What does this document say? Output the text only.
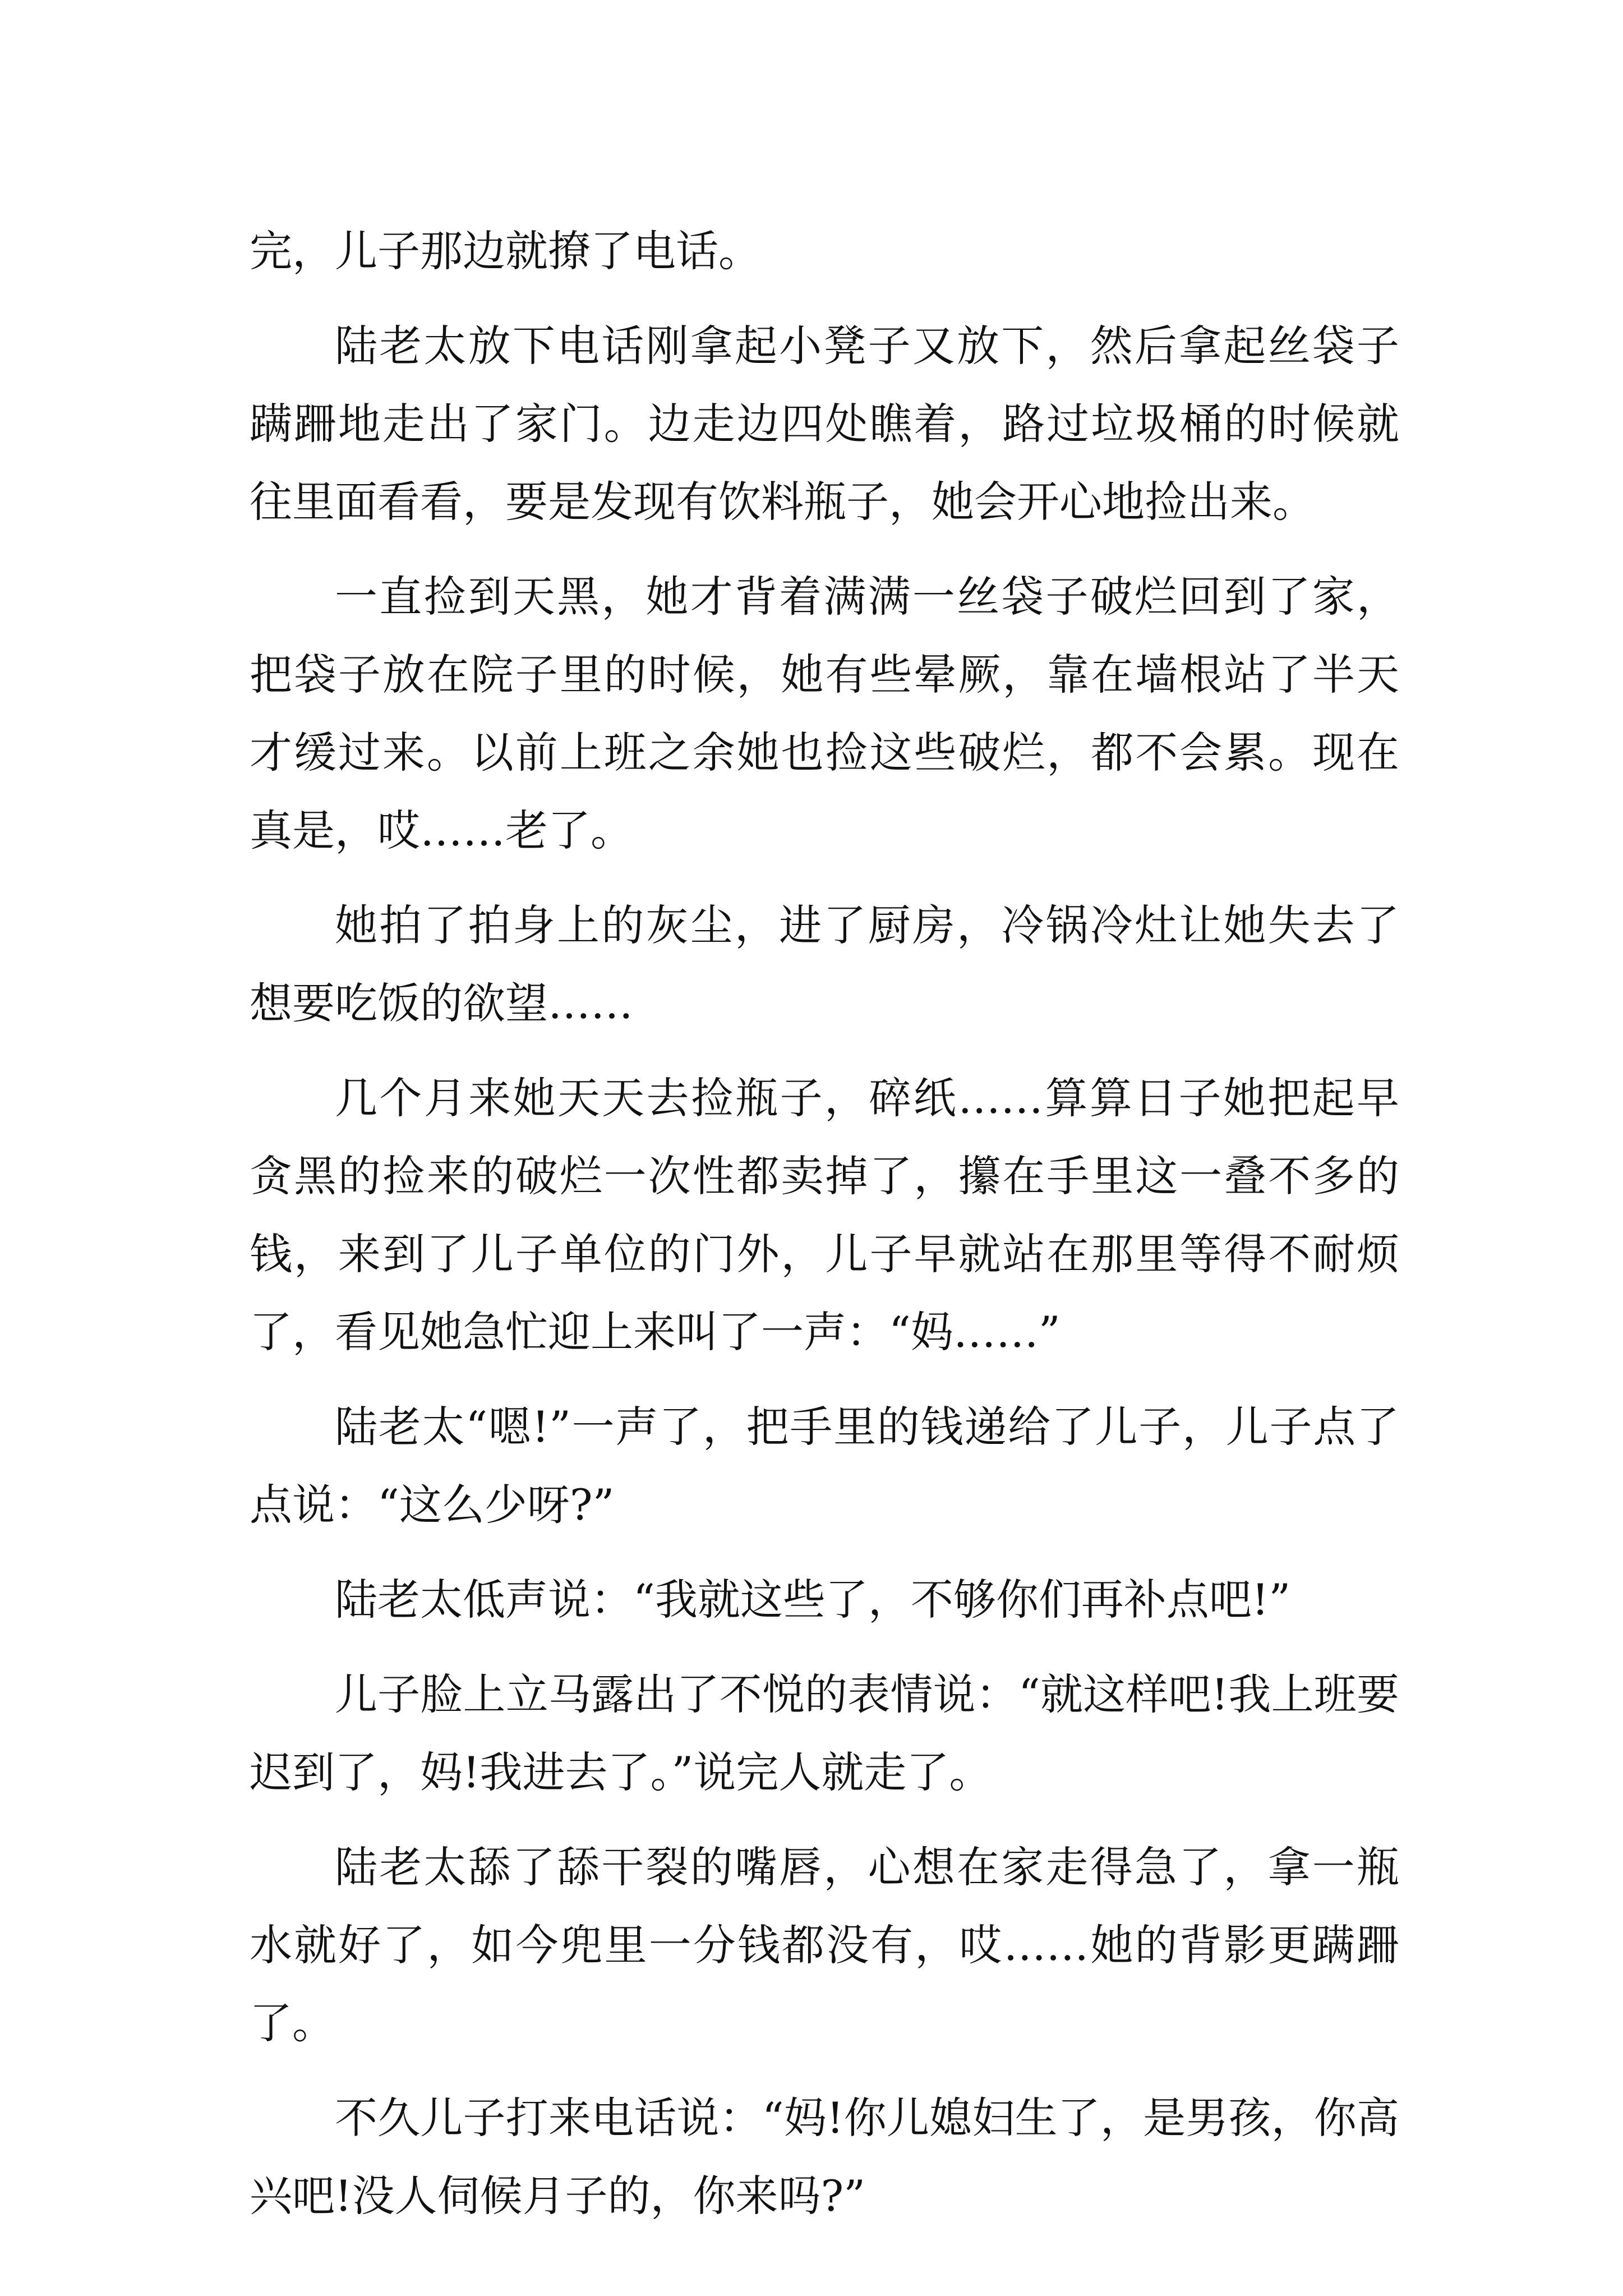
完，儿子那边就撩了电话。

陆老太放下电话刚拿起小凳子又放下，然后拿起丝袋子蹒跚地走出了家门。边走边四处瞧着，路过垃圾桶的时候就往里面看看，要是发现有饮料瓶子，她会开心地捡出来。

一直捡到天黑，她才背着满满一丝袋子破烂回到了家，把袋子放在院子里的时候，她有些晕厥，靠在墙根站了半天才缓过来。以前上班之余她也捡这些破烂，都不会累。现在真是，哎……老了。

她拍了拍身上的灰尘，进了厨房，冷锅冷灶让她失去了想要吃饭的欲望……

几个月来她天天去捡瓶子，碎纸……算算日子她把起早贪黑的捡来的破烂一次性都卖掉了，攥在手里这一叠不多的钱，来到了儿子单位的门外，儿子早就站在那里等得不耐烦了，看见她急忙迎上来叫了一声：“妈……”

陆老太“嗯!”一声了，把手里的钱递给了儿子，儿子点了点说：“这么少呀?”

陆老太低声说：“我就这些了，不够你们再补点吧!”

儿子脸上立马露出了不悦的表情说：“就这样吧!我上班要迟到了，妈!我进去了。”说完人就走了。

陆老太舔了舔干裂的嘴唇，心想在家走得急了，拿一瓶水就好了，如今兜里一分钱都没有，哎……她的背影更蹒跚了。

不久儿子打来电话说：“妈!你儿媳妇生了，是男孩，你高兴吧!没人伺候月子的，你来吗?”
